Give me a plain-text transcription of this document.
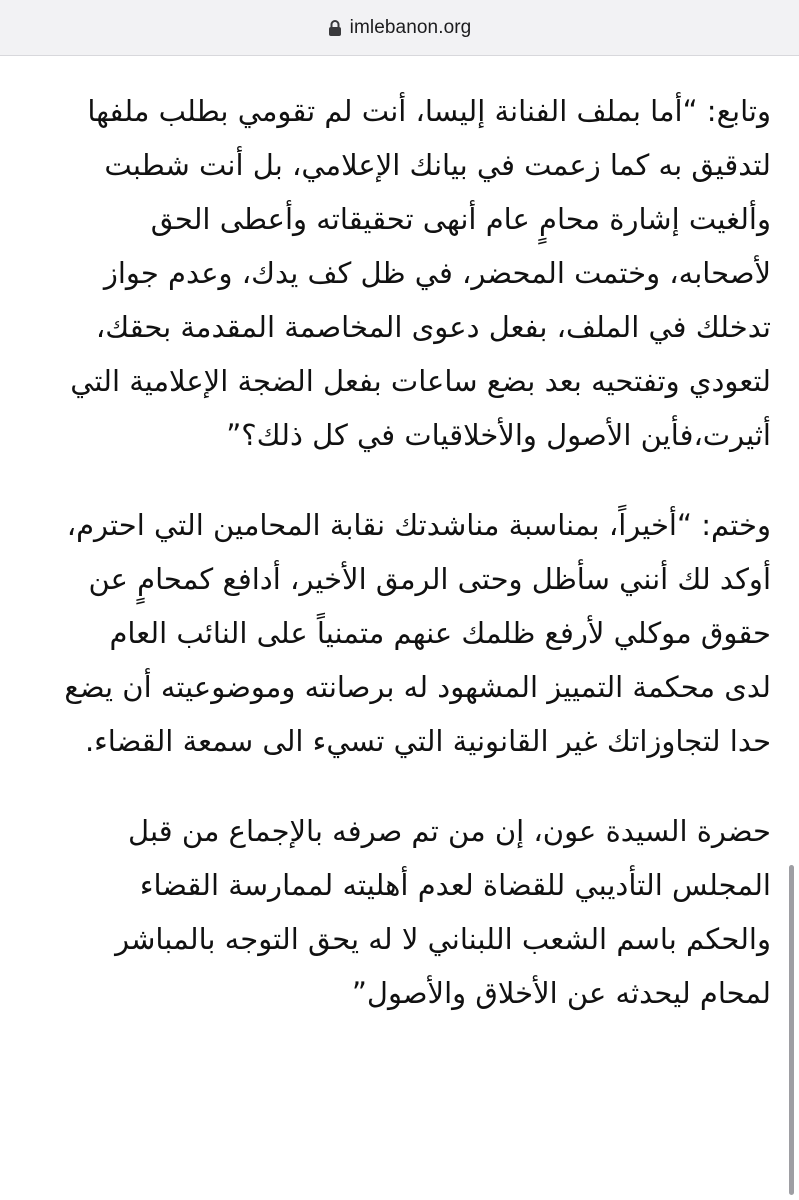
imlebanon.org

وتابع: “أما بملف الفنانة إليسا، أنت لم تقومي بطلب ملفها لتدقيق به كما زعمت في بيانك الإعلامي، بل أنت شطبت وألغيت إشارة محامٍ عام أنهى تحقيقاته وأعطى الحق لأصحابه، وختمت المحضر، في ظل كف يدك، وعدم جواز تدخلك في الملف، بفعل دعوى المخاصمة المقدمة بحقك، لتعودي وتفتحيه بعد بضع ساعات بفعل الضجة الإعلامية التي أثيرت،فأين الأصول والأخلاقيات في كل ذلك؟”

وختم: “أخيراً، بمناسبة مناشدتك نقابة المحامين التي احترم، أوكد لك أنني سأظل وحتى الرمق الأخير، أدافع كمحامٍ عن حقوق موكلي لأرفع ظلمك عنهم متمنياً على النائب العام لدى محكمة التمييز المشهود له برصانته وموضوعيته أن يضع حدا لتجاوزاتك غير القانونية التي تسيء الى سمعة القضاء.

حضرة السيدة عون، إن من تم صرفه بالإجماع من قبل المجلس التأديبي للقضاة لعدم أهليته لممارسة القضاء والحكم باسم الشعب اللبناني لا له يحق التوجه بالمباشر لمحام ليحدثه عن الأخلاق والأصول”
